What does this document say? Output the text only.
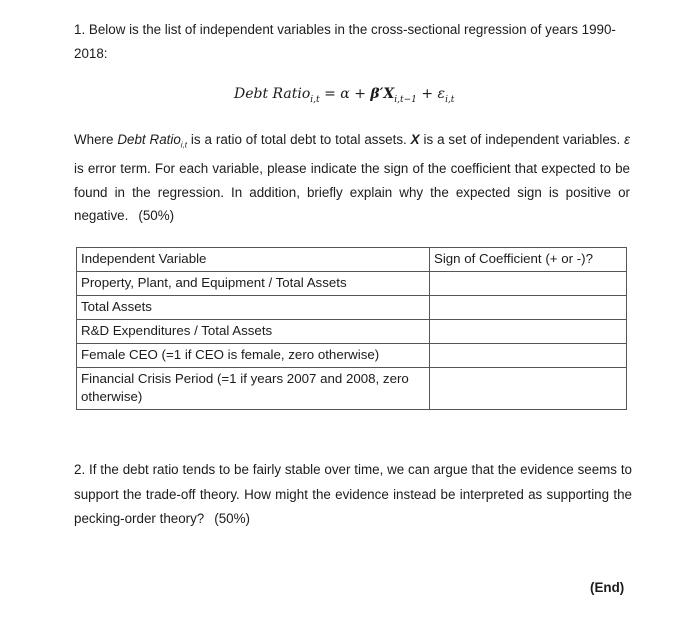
1. Below is the list of independent variables in the cross-sectional regression of years 1990-2018:
Debt Ratio$_{i,t}$ = $\alpha + \beta'X_{i,t-1} + \varepsilon_{i,t}$
Where Debt Ratio$_{i,t}$ is a ratio of total debt to total assets. X is a set of independent variables. ε is error term. For each variable, please indicate the sign of the coefficient that expected to be found in the regression. In addition, briefly explain why the expected sign is positive or negative. (50%)
Independent Variable	Sign of Coefficient (+ or -)?
Property, Plant, and Equipment / Total Assets	
Total Assets	
R&D Expenditures / Total Assets	
Female CEO (=1 if CEO is female, zero otherwise)	
Financial Crisis Period (=1 if years 2007 and 2008, zero otherwise)	
2. If the debt ratio tends to be fairly stable over time, we can argue that the evidence seems to support the trade-off theory. How might the evidence instead be interpreted as supporting the pecking-order theory? (50%)
(End)
